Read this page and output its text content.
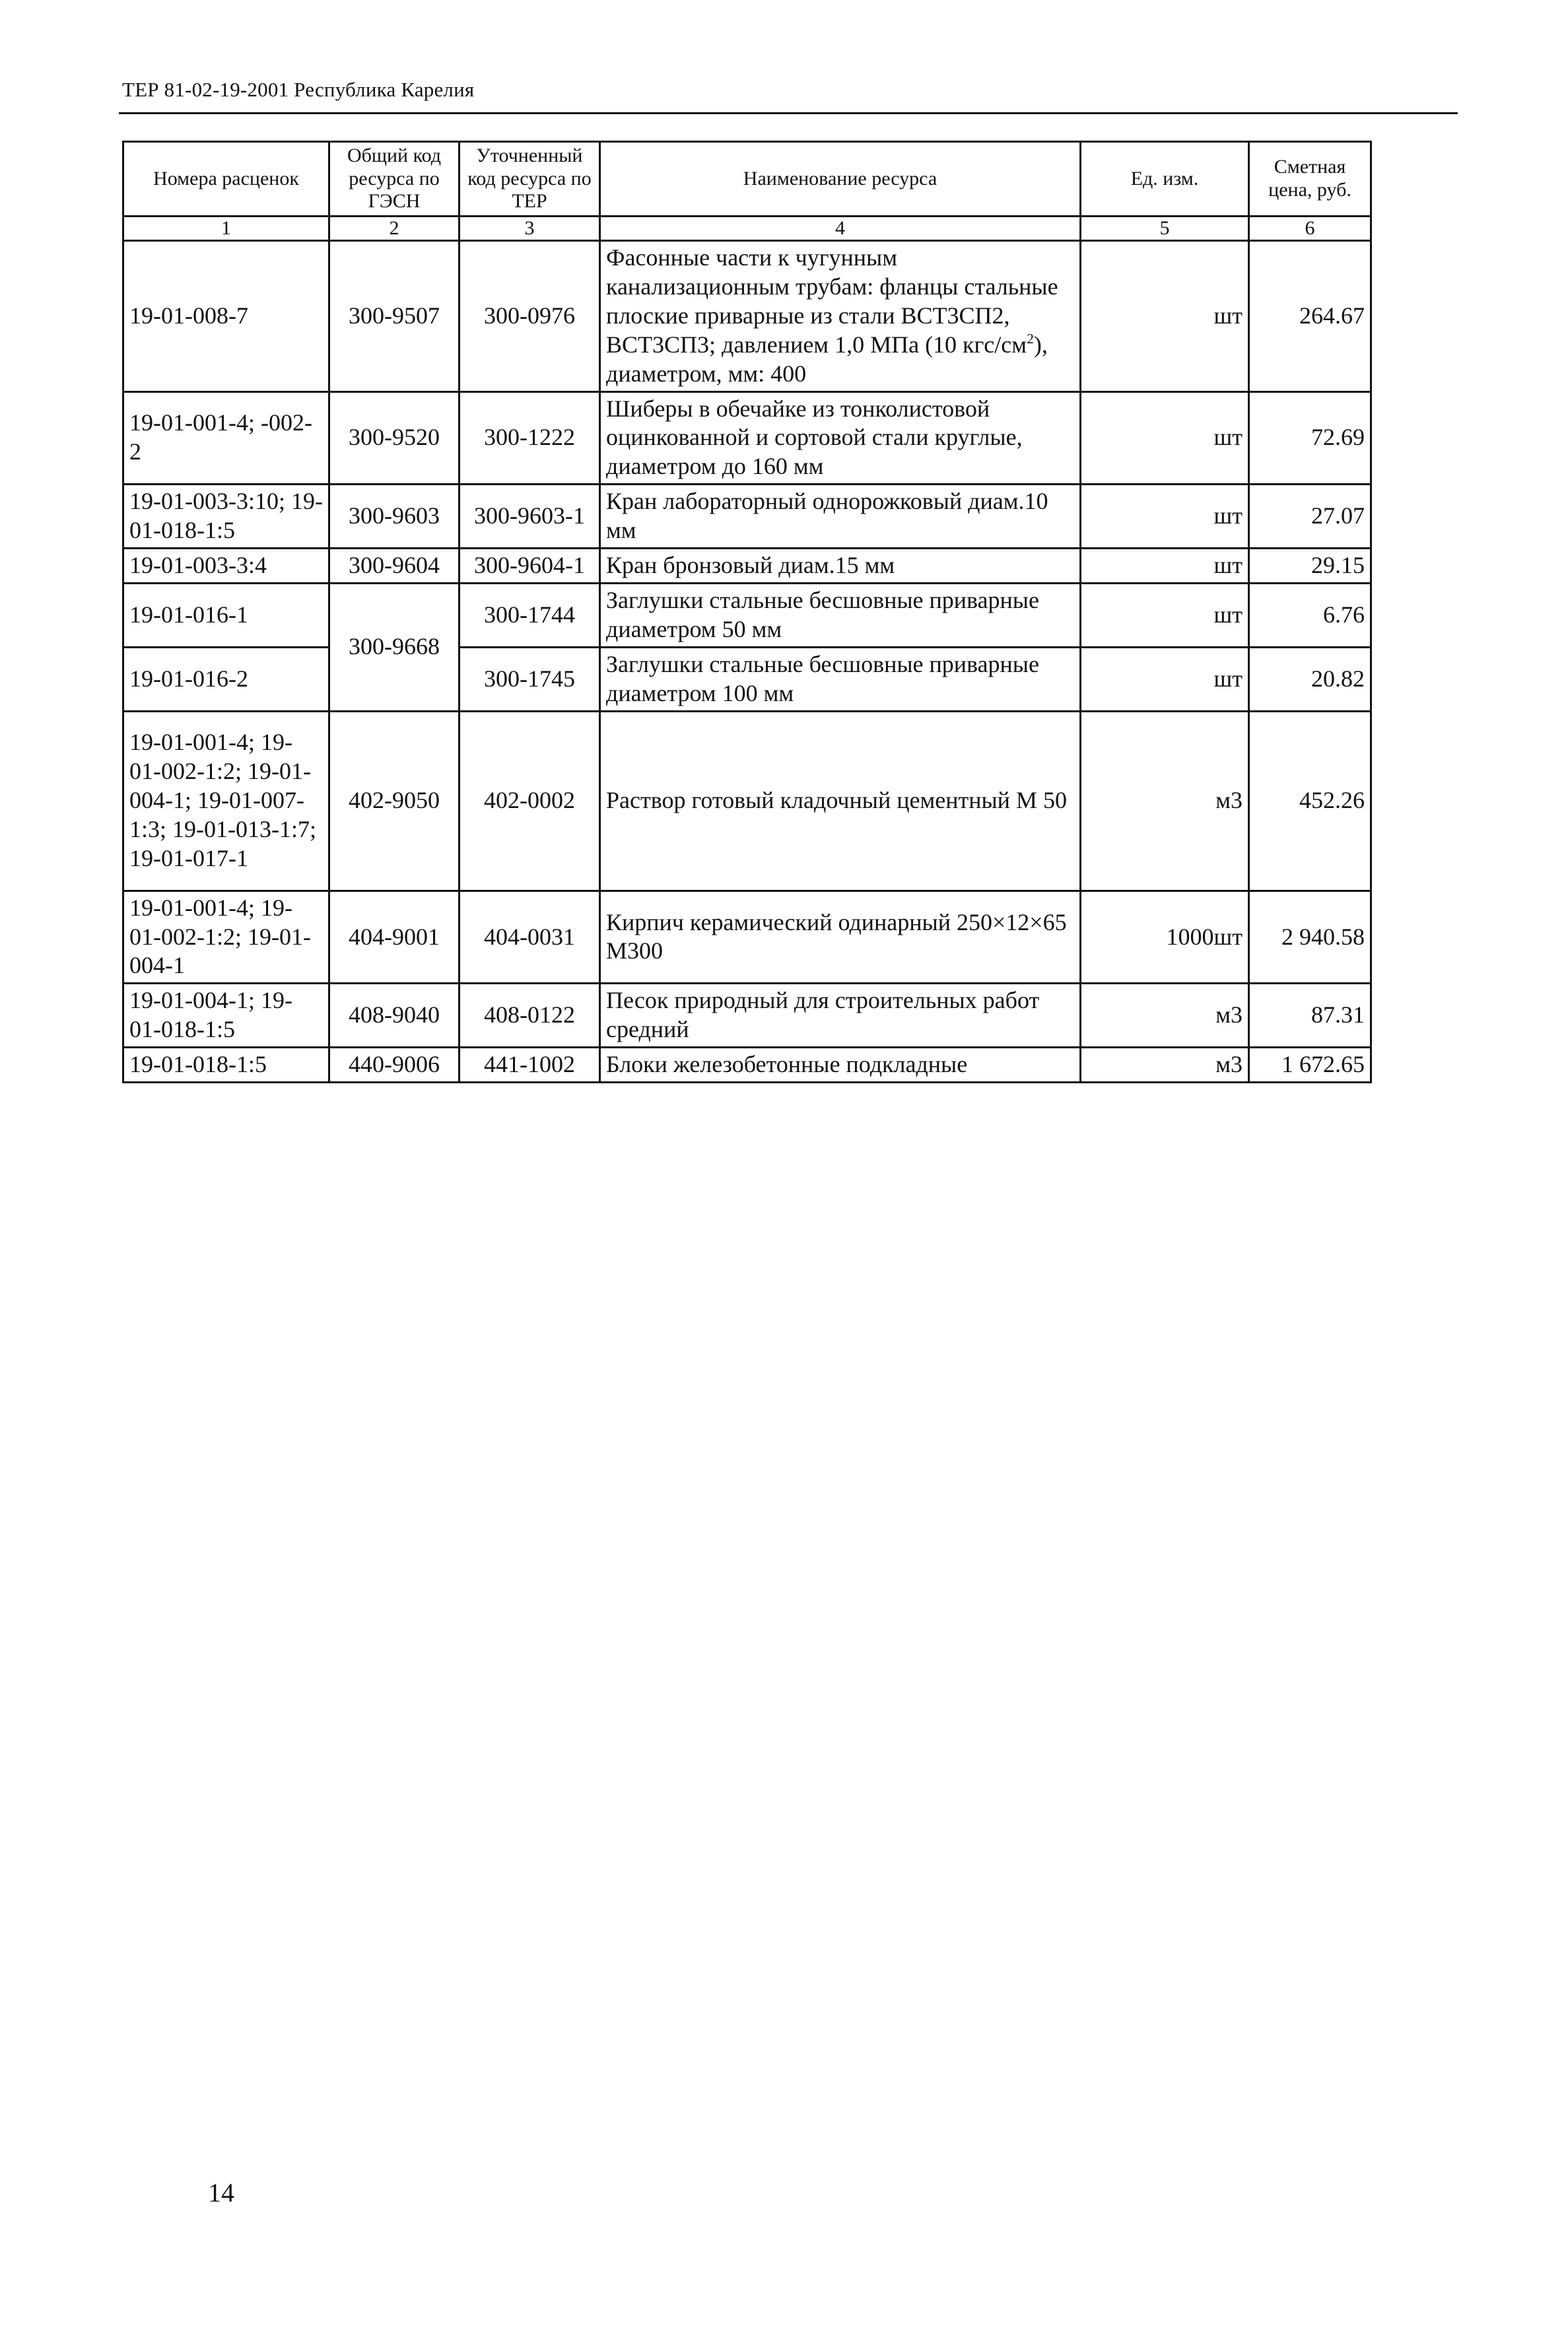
ТЕР 81-02-19-2001 Республика Карелия
Номера расценок	Общий код ресурса по ГЭСН	Уточненный код ресурса по ТЕР	Наименование ресурса	Ед. изм.	Сметная цена, руб.
1	2	3	4	5	6
19-01-008-7	300-9507	300-0976	Фасонные части к чугунным канализационным трубам: фланцы стальные плоские приварные из стали ВСТ3СП2, ВСТ3СП3; давлением 1,0 МПа (10 кгс/$см^2$), диаметром, мм: 400	шт	264.67
19-01-001-4; -002-2	300-9520	300-1222	Шиберы в обечайке из тонколистовой оцинкованной и сортовой стали круглые, диаметром до 160 мм	шт	72.69
19-01-003-3:10; 19-01-018-1:5	300-9603	300-9603-1	Кран лабораторный однорожковый диам.10 мм	шт	27.07
19-01-003-3:4	300-9604	300-9604-1	Кран бронзовый диам.15 мм	шт	29.15
19-01-016-1	300-9668	300-1744	Заглушки стальные бесшовные приварные диаметром 50 мм	шт	6.76
19-01-016-2		300-1745	Заглушки стальные бесшовные приварные диаметром 100 мм	шт	20.82
19-01-001-4; 19-01-002-1:2; 19-01-004-1; 19-01-007-1:3; 19-01-013-1:7; 19-01-017-1	402-9050	402-0002	Раствор готовый кладочный цементный М 50	м3	452.26
19-01-001-4; 19-01-002-1:2; 19-01-004-1	404-9001	404-0031	Кирпич керамический одинарный 250×12×65 М300	1000шт	2 940.58
19-01-004-1; 19-01-018-1:5	408-9040	408-0122	Песок природный для строительных работ средний	м3	87.31
19-01-018-1:5	440-9006	441-1002	Блоки железобетонные подкладные	м3	1 672.65
14
